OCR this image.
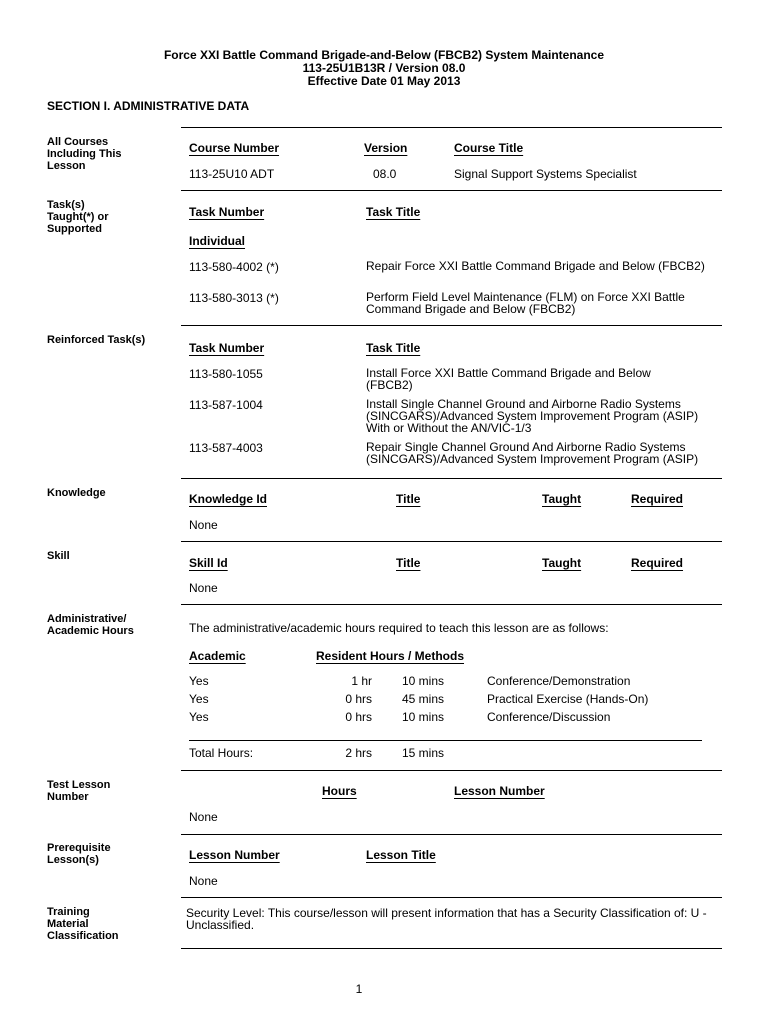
Force XXI Battle Command Brigade-and-Below (FBCB2) System Maintenance
113-25U1B13R / Version 08.0
Effective Date 01 May 2013
SECTION I. ADMINISTRATIVE DATA
All Courses Including This Lesson
Course Number	Version	Course Title
113-25U10 ADT	08.0	Signal Support Systems Specialist
Task(s) Taught(*) or Supported
Task Number	Task Title
Individual
113-580-4002 (*)	Repair Force XXI Battle Command Brigade and Below (FBCB2)
113-580-3013 (*)	Perform Field Level Maintenance (FLM) on Force XXI Battle Command Brigade and Below (FBCB2)
Reinforced Task(s)
Task Number	Task Title
113-580-1055	Install Force XXI Battle Command Brigade and Below (FBCB2)
113-587-1004	Install Single Channel Ground and Airborne Radio Systems (SINCGARS)/Advanced System Improvement Program (ASIP) With or Without the AN/VIC-1/3
113-587-4003	Repair Single Channel Ground And Airborne Radio Systems (SINCGARS)/Advanced System Improvement Program (ASIP)
Knowledge	Knowledge Id	Title	Taught	Required
None
Skill	Skill Id	Title	Taught	Required
None
Administrative/ Academic Hours	The administrative/academic hours required to teach this lesson are as follows:
Academic	Resident Hours / Methods
Yes	1 hr	10 mins	Conference/Demonstration
Yes	0 hrs	45 mins	Practical Exercise (Hands-On)
Yes	0 hrs	10 mins	Conference/Discussion
Total Hours:	2 hrs	15 mins
Test Lesson Number	Hours	Lesson Number
None
Prerequisite Lesson(s)	Lesson Number	Lesson Title
None
Training Material Classification
Security Level: This course/lesson will present information that has a Security Classification of: U - Unclassified.
1
